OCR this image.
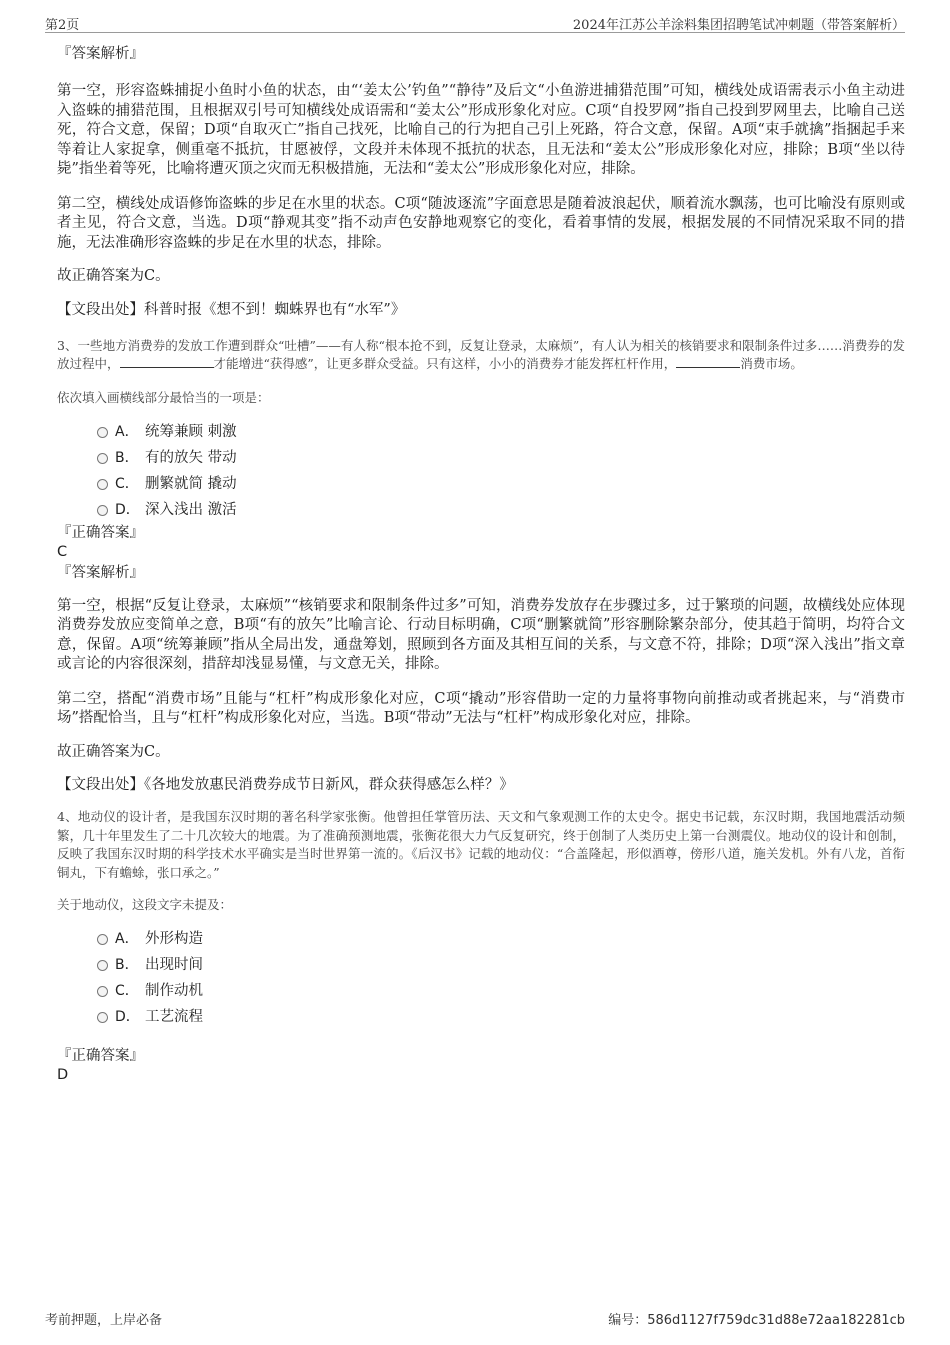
第2页	2024年江苏公羊涂料集团招聘笔试冲刺题（带答案解析）
『答案解析』

第一空，形容盗蛛捕捉小鱼时小鱼的状态，由“‘姜太公’钓鱼”“静待”及后文“小鱼游进捕猎范围”可知，横线处成语需表示小鱼主动进入盗蛛的捕猎范围，且根据双引号可知横线处成语需和“姜太公”形成形象化对应。C项“自投罗网”指自己投到罗网里去，比喻自己送死，符合文意，保留；D项“自取灭亡”指自己找死，比喻自己的行为把自己引上死路，符合文意，保留。A项“束手就擒”指捆起手来等着让人家捉拿，侧重毫不抵抗，甘愿被俘，文段并未体现不抵抗的状态，且无法和“姜太公”形成形象化对应，排除；B项“坐以待毙”指坐着等死，比喻将遭灭顶之灾而无积极措施，无法和“姜太公”形成形象化对应，排除。

第二空，横线处成语修饰盗蛛的步足在水里的状态。C项“随波逐流”字面意思是随着波浪起伏，顺着流水飘荡，也可比喻没有原则或者主见，符合文意，当选。D项“静观其变”指不动声色安静地观察它的变化，看着事情的发展，根据发展的不同情况采取不同的措施，无法准确形容盗蛛的步足在水里的状态，排除。

故正确答案为C。

【文段出处】科普时报《想不到！蜘蛛界也有“水军”》

3、一些地方消费券的发放工作遭到群众“吐槽”——有人称“根本抢不到，反复让登录，太麻烦”，有人认为相关的核销要求和限制条件过多……消费券的发放过程中，	才能增进“获得感”，让更多群众受益。只有这样，小小的消费券才能发挥杠杆作用，	消费市场。

依次填入画横线部分最恰当的一项是：

A． 统筹兼顾 刺激
B． 有的放矢 带动
C． 删繁就简 撬动
D． 深入浅出 激活
『正确答案』
C
『答案解析』

第一空，根据“反复让登录，太麻烦”“核销要求和限制条件过多”可知，消费券发放存在步骤过多，过于繁琐的问题，故横线处应体现消费券发放应变简单之意，B项“有的放矢”比喻言论、行动目标明确，C项“删繁就简”形容删除繁杂部分，使其趋于简明，均符合文意，保留。A项“统筹兼顾”指从全局出发，通盘筹划，照顾到各方面及其相互间的关系，与文意不符，排除；D项“深入浅出”指文章或言论的内容很深刻，措辞却浅显易懂，与文意无关，排除。

第二空，搭配“消费市场”且能与“杠杆”构成形象化对应，C项“撬动”形容借助一定的力量将事物向前推动或者挑起来，与“消费市场”搭配恰当，且与“杠杆”构成形象化对应，当选。B项“带动”无法与“杠杆”构成形象化对应，排除。

故正确答案为C。

【文段出处】《各地发放惠民消费券成节日新风，群众获得感怎么样？》

4、地动仪的设计者，是我国东汉时期的著名科学家张衡。他曾担任掌管历法、天文和气象观测工作的太史令。据史书记载，东汉时期，我国地震活动频繁，几十年里发生了二十几次较大的地震。为了准确预测地震，张衡花很大力气反复研究，终于创制了人类历史上第一台测震仪。地动仪的设计和创制，反映了我国东汉时期的科学技术水平确实是当时世界第一流的。《后汉书》记载的地动仪：“合盖隆起，形似酒尊，傍形八道，施关发机。外有八龙，首衔铜丸，下有蟾蜍，张口承之。”

关于地动仪，这段文字未提及：

A． 外形构造
B． 出现时间
C． 制作动机
D． 工艺流程
『正确答案』
D
考前押题，上岸必备	编号：586d1127f759dc31d88e72aa182281cb
